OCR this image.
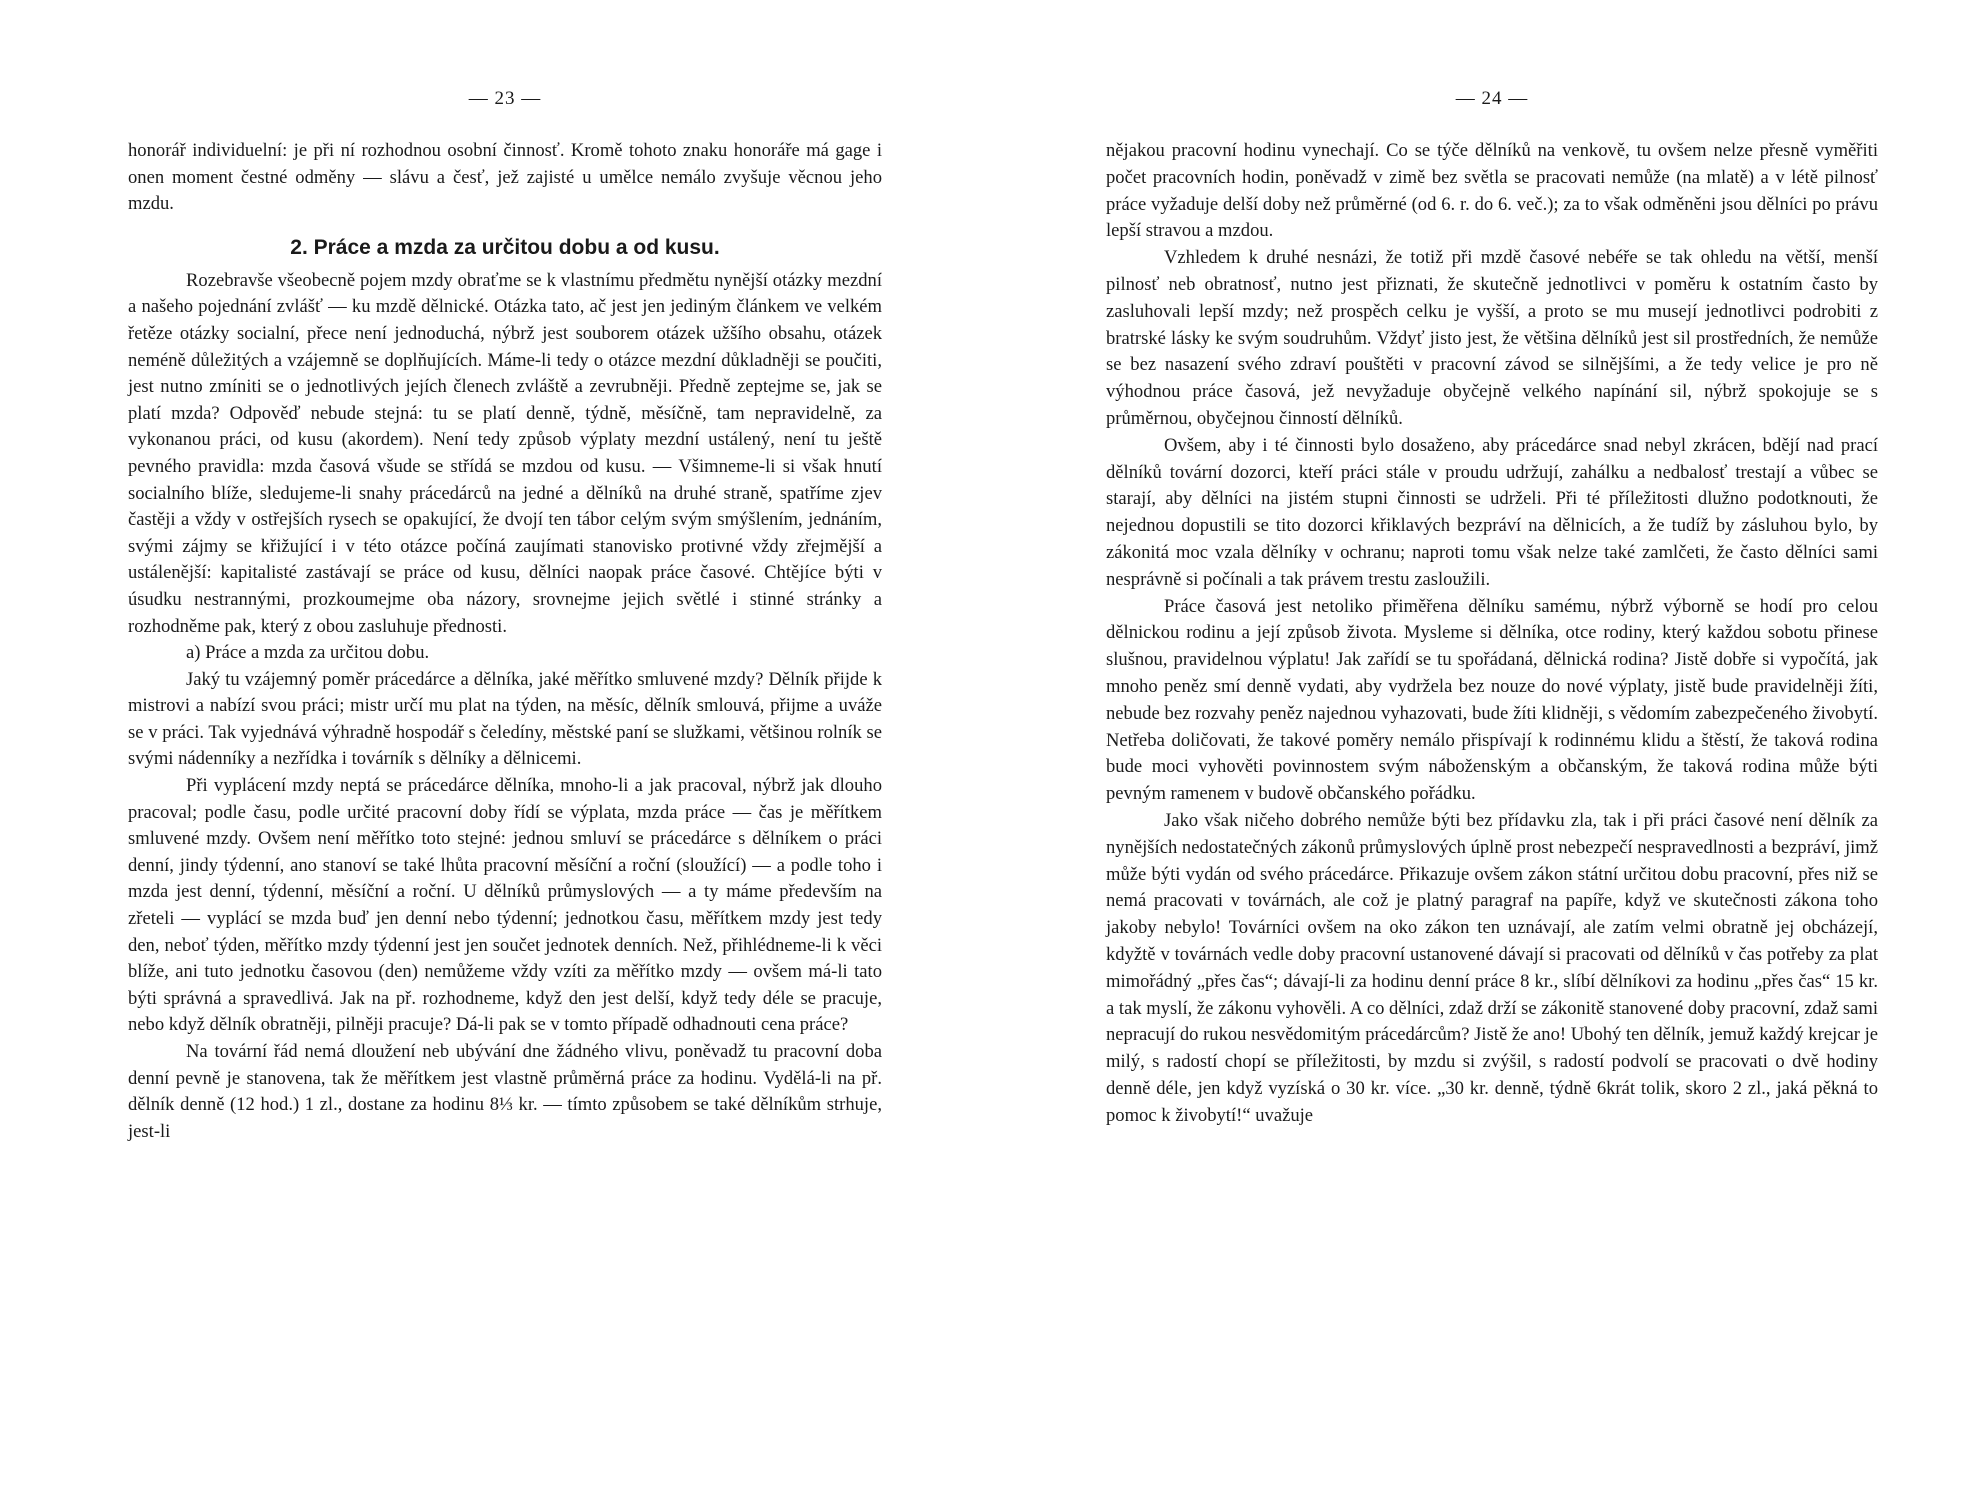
— 23 —

honorář individuelní: je při ní rozhodnou osobní činnosť. Kromě tohoto znaku honoráře má gage i onen moment čestné odměny — slávu a česť, jež zajisté u umělce nemálo zvyšuje věcnou jeho mzdu.

2. Práce a mzda za určitou dobu a od kusu.

Rozebravše všeobecně pojem mzdy obraťme se k vlastnímu předmětu nynější otázky mezdní a našeho pojednání zvlášť — ku mzdě dělnické. Otázka tato, ač jest jen jediným článkem ve velkém řetěze otázky socialní, přece není jednoduchá, nýbrž jest souborem otázek užšího obsahu, otázek neméně důležitých a vzájemně se doplňujících. Máme-li tedy o otázce mezdní důkladněji se poučiti, jest nutno zmíniti se o jednotlivých jejích členech zvláště a zevrubněji. Předně zeptejme se, jak se platí mzda? Odpověď nebude stejná: tu se platí denně, týdně, měsíčně, tam nepravidelně, za vykonanou práci, od kusu (akordem). Není tedy způsob výplaty mezdní ustálený, není tu ještě pevného pravidla: mzda časová všude se střídá se mzdou od kusu. — Všimneme-li si však hnutí socialního blíže, sledujeme-li snahy prácedárců na jedné a dělníků na druhé straně, spatříme zjev častěji a vždy v ostřejších rysech se opakující, že dvojí ten tábor celým svým smýšlením, jednáním, svými zájmy se křižující i v této otázce počíná zaujímati stanovisko protivné vždy zřejmější a ustálenější: kapitalisté zastávají se práce od kusu, dělníci naopak práce časové. Chtějíce býti v úsudku nestrannými, prozkoumejme oba názory, srovnejme jejich světlé i stinné stránky a rozhodněme pak, který z obou zasluhuje přednosti.

a) Práce a mzda za určitou dobu.

Jaký tu vzájemný poměr prácedárce a dělníka, jaké měřítko smluvené mzdy? Dělník přijde k mistrovi a nabízí svou práci; mistr určí mu plat na týden, na měsíc, dělník smlouvá, přijme a uváže se v práci. Tak vyjednává výhradně hospodář s čeledíny, městské paní se služkami, většinou rolník se svými nádenníky a nezřídka i továrník s dělníky a dělnicemi.

Při vyplácení mzdy neptá se prácedárce dělníka, mnoho-li a jak pracoval, nýbrž jak dlouho pracoval; podle času, podle určité pracovní doby řídí se výplata, mzda práce — čas je měřítkem smluvené mzdy. Ovšem není měřítko toto stejné: jednou smluví se prácedárce s dělníkem o práci denní, jindy týdenní, ano stanoví se také lhůta pracovní měsíční a roční (sloužící) — a podle toho i mzda jest denní, týdenní, měsíční a roční. U dělníků průmyslových — a ty máme především na zřeteli — vyplácí se mzda buď jen denní nebo týdenní; jednotkou času, měřítkem mzdy jest tedy den, neboť týden, měřítko mzdy týdenní jest jen součet jednotek denních. Než, přihlédneme-li k věci blíže, ani tuto jednotku časovou (den) nemůžeme vždy vzíti za měřítko mzdy — ovšem má-li tato býti správná a spravedlivá. Jak na př. rozhodneme, když den jest delší, když tedy déle se pracuje, nebo když dělník obratněji, pilněji pracuje? Dá-li pak se v tomto případě odhadnouti cena práce?

Na tovární řád nemá dloužení neb ubývání dne žádného vlivu, poněvadž tu pracovní doba denní pevně je stanovena, tak že měřítkem jest vlastně průměrná práce za hodinu. Vydělá-li na př. dělník denně (12 hod.) 1 zl., dostane za hodinu 8⅓ kr. — tímto způsobem se také dělníkům strhuje, jest-li

— 24 —

nějakou pracovní hodinu vynechají. Co se týče dělníků na venkově, tu ovšem nelze přesně vyměřiti počet pracovních hodin, poněvadž v zimě bez světla se pracovati nemůže (na mlatě) a v létě pilnosť práce vyžaduje delší doby než průměrné (od 6. r. do 6. več.); za to však odměněni jsou dělníci po právu lepší stravou a mzdou.

Vzhledem k druhé nesnázi, že totiž při mzdě časové nebéře se tak ohledu na větší, menší pilnosť neb obratnosť, nutno jest přiznati, že skutečně jednotlivci v poměru k ostatním často by zasluhovali lepší mzdy; než prospěch celku je vyšší, a proto se mu musejí jednotlivci podrobiti z bratrské lásky ke svým soudruhům. Vždyť jisto jest, že většina dělníků jest sil prostředních, že nemůže se bez nasazení svého zdraví pouštěti v pracovní závod se silnějšími, a že tedy velice je pro ně výhodnou práce časová, jež nevyžaduje obyčejně velkého napínání sil, nýbrž spokojuje se s průměrnou, obyčejnou činností dělníků.

Ovšem, aby i té činnosti bylo dosaženo, aby prácedárce snad nebyl zkrácen, bdějí nad prací dělníků tovární dozorci, kteří práci stále v proudu udržují, zahálku a nedbalosť trestají a vůbec se starají, aby dělníci na jistém stupni činnosti se udrželi. Při té příležitosti dlužno podotknouti, že nejednou dopustili se tito dozorci křiklavých bezpráví na dělnicích, a že tudíž by zásluhou bylo, by zákonitá moc vzala dělníky v ochranu; naproti tomu však nelze také zamlčeti, že často dělníci sami nesprávně si počínali a tak právem trestu zasloužili.

Práce časová jest netoliko přiměřena dělníku samému, nýbrž výborně se hodí pro celou dělnickou rodinu a její způsob života. Mysleme si dělníka, otce rodiny, který každou sobotu přinese slušnou, pravidelnou výplatu! Jak zařídí se tu spořádaná, dělnická rodina? Jistě dobře si vypočítá, jak mnoho peněz smí denně vydati, aby vydržela bez nouze do nové výplaty, jistě bude pravidelněji žíti, nebude bez rozvahy peněz najednou vyhazovati, bude žíti klidněji, s vědomím zabezpečeného živobytí. Netřeba doličovati, že takové poměry nemálo přispívají k rodinnému klidu a štěstí, že taková rodina bude moci vyhověti povinnostem svým náboženským a občanským, že taková rodina může býti pevným ramenem v budově občanského pořádku.

Jako však ničeho dobrého nemůže býti bez přídavku zla, tak i při práci časové není dělník za nynějších nedostatečných zákonů průmyslových úplně prost nebezpečí nespravedlnosti a bezpráví, jimž může býti vydán od svého prácedárce. Přikazuje ovšem zákon státní určitou dobu pracovní, přes niž se nemá pracovati v továrnách, ale což je platný paragraf na papíře, když ve skutečnosti zákona toho jakoby nebylo! Továrníci ovšem na oko zákon ten uznávají, ale zatím velmi obratně jej obcházejí, kdyžtě v továrnách vedle doby pracovní ustanovené dávají si pracovati od dělníků v čas potřeby za plat mimořádný „přes čas“; dávají-li za hodinu denní práce 8 kr., slíbí dělníkovi za hodinu „přes čas“ 15 kr. a tak myslí, že zákonu vyhověli. A co dělníci, zdaž drží se zákonitě stanovené doby pracovní, zdaž sami nepracují do rukou nesvědomitým prácedárcům? Jistě že ano! Ubohý ten dělník, jemuž každý krejcar je milý, s radostí chopí se příležitosti, by mzdu si zvýšil, s radostí podvolí se pracovati o dvě hodiny denně déle, jen když vyzíská o 30 kr. více. „30 kr. denně, týdně 6krát tolik, skoro 2 zl., jaká pěkná to pomoc k živobytí!“ uvažuje
